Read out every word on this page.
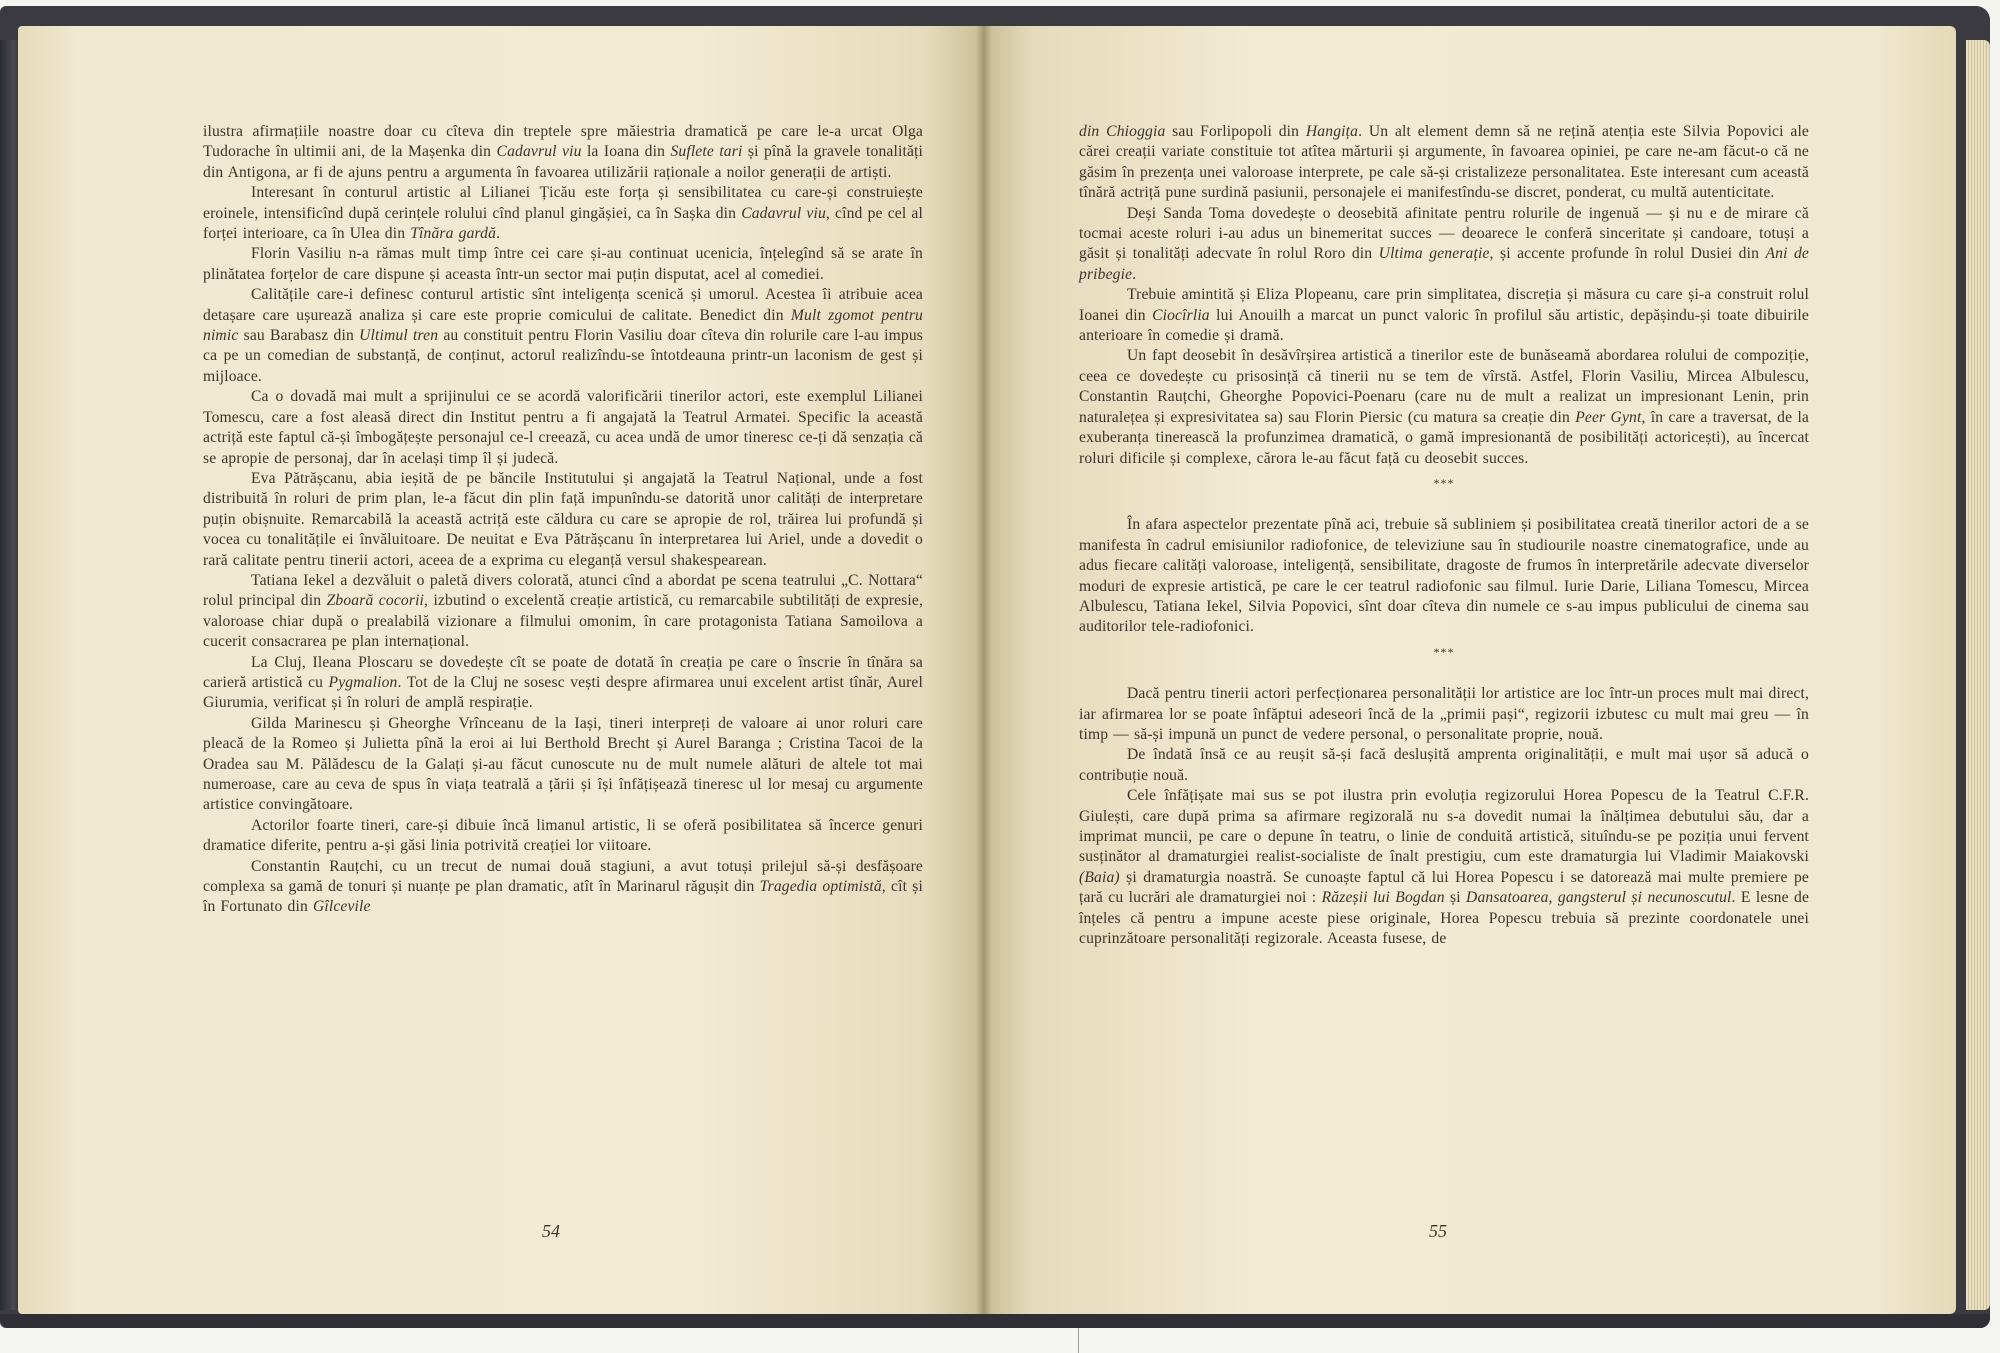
ilustra afirmațiile noastre doar cu cîteva din treptele spre măiestria dramatică pe care le-a urcat Olga Tudorache în ultimii ani, de la Mașenka din Cadavrul viu la Ioana din Suflete tari și pînă la gravele tonalități din Antigona, ar fi de ajuns pentru a argumenta în favoarea utilizării raționale a noilor generații de artiști.

Interesant în conturul artistic al Lilianei Țicău este forța și sensibilitatea cu care-și construiește eroinele, intensificînd după cerințele rolului cînd planul gingășiei, ca în Sașka din Cadavrul viu, cînd pe cel al forței interioare, ca în Ulea din Tînăra gardă.

Florin Vasiliu n-a rămas mult timp între cei care și-au continuat ucenicia, înțelegînd să se arate în plinătatea forțelor de care dispune și aceasta într-un sector mai puțin disputat, acel al comediei.

Calitățile care-i definesc conturul artistic sînt inteligența scenică și umorul. Acestea îi atribuie acea detașare care ușurează analiza și care este proprie comicului de calitate. Benedict din Mult zgomot pentru nimic sau Barabasz din Ultimul tren au constituit pentru Florin Vasiliu doar cîteva din rolurile care l-au impus ca pe un comedian de substanță, de conținut, actorul realizîndu-se întotdeauna printr-un laconism de gest și mijloace.

Ca o dovadă mai mult a sprijinului ce se acordă valorificării tinerilor actori, este exemplul Lilianei Tomescu, care a fost aleasă direct din Institut pentru a fi angajată la Teatrul Armatei. Specific la această actriță este faptul că-și îmbogățește personajul ce-l creează, cu acea undă de umor tineresc ce-ți dă senzația că se apropie de personaj, dar în același timp îl și judecă.

Eva Pătrășcanu, abia ieșită de pe băncile Institutului și angajată la Teatrul Național, unde a fost distribuită în roluri de prim plan, le-a făcut din plin față impunîndu-se datorită unor calități de interpretare puțin obișnuite. Remarcabilă la această actriță este căldura cu care se apropie de rol, trăirea lui profundă și vocea cu tonalitățile ei învăluitoare. De neuitat e Eva Pătrășcanu în interpretarea lui Ariel, unde a dovedit o rară calitate pentru tinerii actori, aceea de a exprima cu eleganță versul shakespearean.

Tatiana Iekel a dezvăluit o paletă divers colorată, atunci cînd a abordat pe scena teatrului „C. Nottara“ rolul principal din Zboară cocorii, izbutind o excelentă creație artistică, cu remarcabile subtilități de expresie, valoroase chiar după o prealabilă vizionare a filmului omonim, în care protagonista Tatiana Samoilova a cucerit consacrarea pe plan internațional.

La Cluj, Ileana Ploscaru se dovedește cît se poate de dotată în creația pe care o înscrie în tînăra sa carieră artistică cu Pygmalion. Tot de la Cluj ne sosesc vești despre afirmarea unui excelent artist tînăr, Aurel Giurumia, verificat și în roluri de amplă respirație.

Gilda Marinescu și Gheorghe Vrînceanu de la Iași, tineri interpreți de valoare ai unor roluri care pleacă de la Romeo și Julietta pînă la eroi ai lui Berthold Brecht și Aurel Baranga ; Cristina Tacoi de la Oradea sau M. Pălădescu de la Galați și-au făcut cunoscute nu de mult numele alături de altele tot mai numeroase, care au ceva de spus în viața teatrală a țării și își înfățișează tineresc ul lor mesaj cu argumente artistice convingătoare.

Actorilor foarte tineri, care-și dibuie încă limanul artistic, li se oferă posibilitatea să încerce genuri dramatice diferite, pentru a-și găsi linia potrivită creației lor viitoare.

Constantin Rauțchi, cu un trecut de numai două stagiuni, a avut totuși prilejul să-și desfășoare complexa sa gamă de tonuri și nuanțe pe plan dramatic, atît în Marinarul răgușit din Tragedia optimistă, cît și în Fortunato din Gîlcevile

54

din Chioggia sau Forlipopoli din Hangița. Un alt element demn să ne rețină atenția este Silvia Popovici ale cărei creații variate constituie tot atîtea mărturii și argumente, în favoarea opiniei, pe care ne-am făcut-o că ne găsim în prezența unei valoroase interprete, pe cale să-și cristalizeze personalitatea. Este interesant cum această tînără actriță pune surdină pasiunii, personajele ei manifestîndu-se discret, ponderat, cu multă autenticitate.

Deși Sanda Toma dovedește o deosebită afinitate pentru rolurile de ingenuă — și nu e de mirare că tocmai aceste roluri i-au adus un binemeritat succes — deoarece le conferă sinceritate și candoare, totuși a găsit și tonalități adecvate în rolul Roro din Ultima generație, și accente profunde în rolul Dusiei din Ani de pribegie.

Trebuie amintită și Eliza Plopeanu, care prin simplitatea, discreția și măsura cu care și-a construit rolul Ioanei din Ciocîrlia lui Anouilh a marcat un punct valoric în profilul său artistic, depășindu-și toate dibuirile anterioare în comedie și dramă.

Un fapt deosebit în desăvîrșirea artistică a tinerilor este de bunăseamă abordarea rolului de compoziție, ceea ce dovedește cu prisosință că tinerii nu se tem de vîrstă. Astfel, Florin Vasiliu, Mircea Albulescu, Constantin Rauțchi, Gheorghe Popovici-Poenaru (care nu de mult a realizat un impresionant Lenin, prin naturalețea și expresivitatea sa) sau Florin Piersic (cu matura sa creație din Peer Gynt, în care a traversat, de la exuberanța tinerească la profunzimea dramatică, o gamă impresionantă de posibilități actoricești), au încercat roluri dificile și complexe, cărora le-au făcut față cu deosebit succes.

***

În afara aspectelor prezentate pînă aci, trebuie să subliniem și posibilitatea creată tinerilor actori de a se manifesta în cadrul emisiunilor radiofonice, de televiziune sau în studiourile noastre cinematografice, unde au adus fiecare calități valoroase, inteligență, sensibilitate, dragoste de frumos în interpretările adecvate diverselor moduri de expresie artistică, pe care le cer teatrul radiofonic sau filmul. Iurie Darie, Liliana Tomescu, Mircea Albulescu, Tatiana Iekel, Silvia Popovici, sînt doar cîteva din numele ce s-au impus publicului de cinema sau auditorilor tele-radiofonici.

***

Dacă pentru tinerii actori perfecționarea personalității lor artistice are loc într-un proces mult mai direct, iar afirmarea lor se poate înfăptui adeseori încă de la „primii pași“, regizorii izbutesc cu mult mai greu — în timp — să-și impună un punct de vedere personal, o personalitate proprie, nouă.

De îndată însă ce au reușit să-și facă deslușită amprenta originalității, e mult mai ușor să aducă o contribuție nouă.

Cele înfățișate mai sus se pot ilustra prin evoluția regizorului Horea Popescu de la Teatrul C.F.R. Giulești, care după prima sa afirmare regizorală nu s-a dovedit numai la înălțimea debutului său, dar a imprimat muncii, pe care o depune în teatru, o linie de conduită artistică, situîndu-se pe poziția unui fervent susținător al dramaturgiei realist-socialiste de înalt prestigiu, cum este dramaturgia lui Vladimir Maiakovski (Baia) și dramaturgia noastră. Se cunoaște faptul că lui Horea Popescu i se datorează mai multe premiere pe țară cu lucrări ale dramaturgiei noi : Răzeșii lui Bogdan și Dansatoarea, gangsterul și necunoscutul. E lesne de înțeles că pentru a impune aceste piese originale, Horea Popescu trebuia să prezinte coordonatele unei cuprinzătoare personalități regizorale. Aceasta fusese, de

55
